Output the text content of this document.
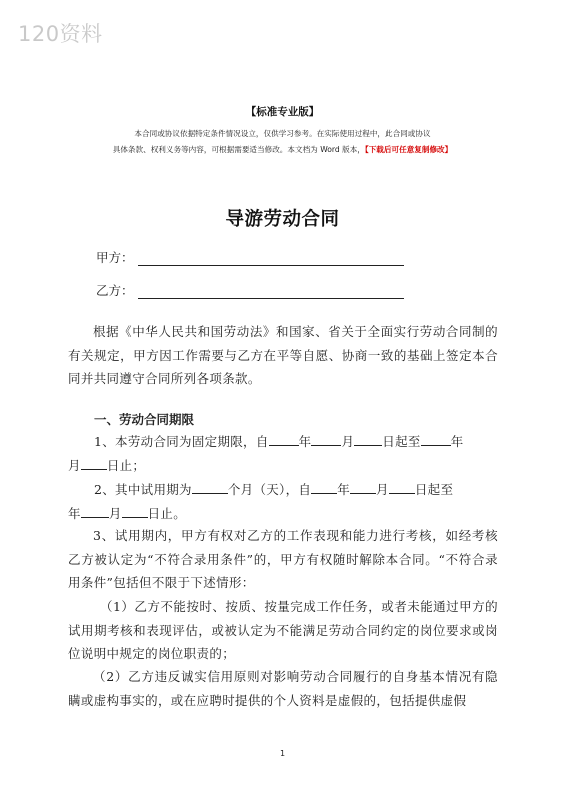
120资料
【标准专业版】
本合同或协议依据特定条件情况设立，仅供学习参考。在实际使用过程中，此合同或协议
具体条款、权利义务等内容，可根据需要适当修改。本文档为 Word 版本，【下载后可任意复制修改】
导游劳动合同
甲方：
乙方：
根据《中华人民共和国劳动法》和国家、省关于全面实行劳动合同制的有关规定，甲方因工作需要与乙方在平等自愿、协商一致的基础上签定本合同并共同遵守合同所列各项条款。
一、劳动合同期限
1、本劳动合同为固定期限，自 年 月 日起至 年
月 日止；
2、其中试用期为	个月（天），自 年 月 日起至
年 月 日止。
3、试用期内，甲方有权对乙方的工作表现和能力进行考核，如经考核乙方被认定为“不符合录用条件”的，甲方有权随时解除本合同。“不符合录用条件”包括但不限于下述情形：
（1）乙方不能按时、按质、按量完成工作任务，或者未能通过甲方的试用期考核和表现评估，或被认定为不能满足劳动合同约定的岗位要求或岗位说明中规定的岗位职责的；
（2）乙方违反诚实信用原则对影响劳动合同履行的自身基本情况有隐瞒或虚构事实的，或在应聘时提供的个人资料是虚假的，包括提供虚假
1
